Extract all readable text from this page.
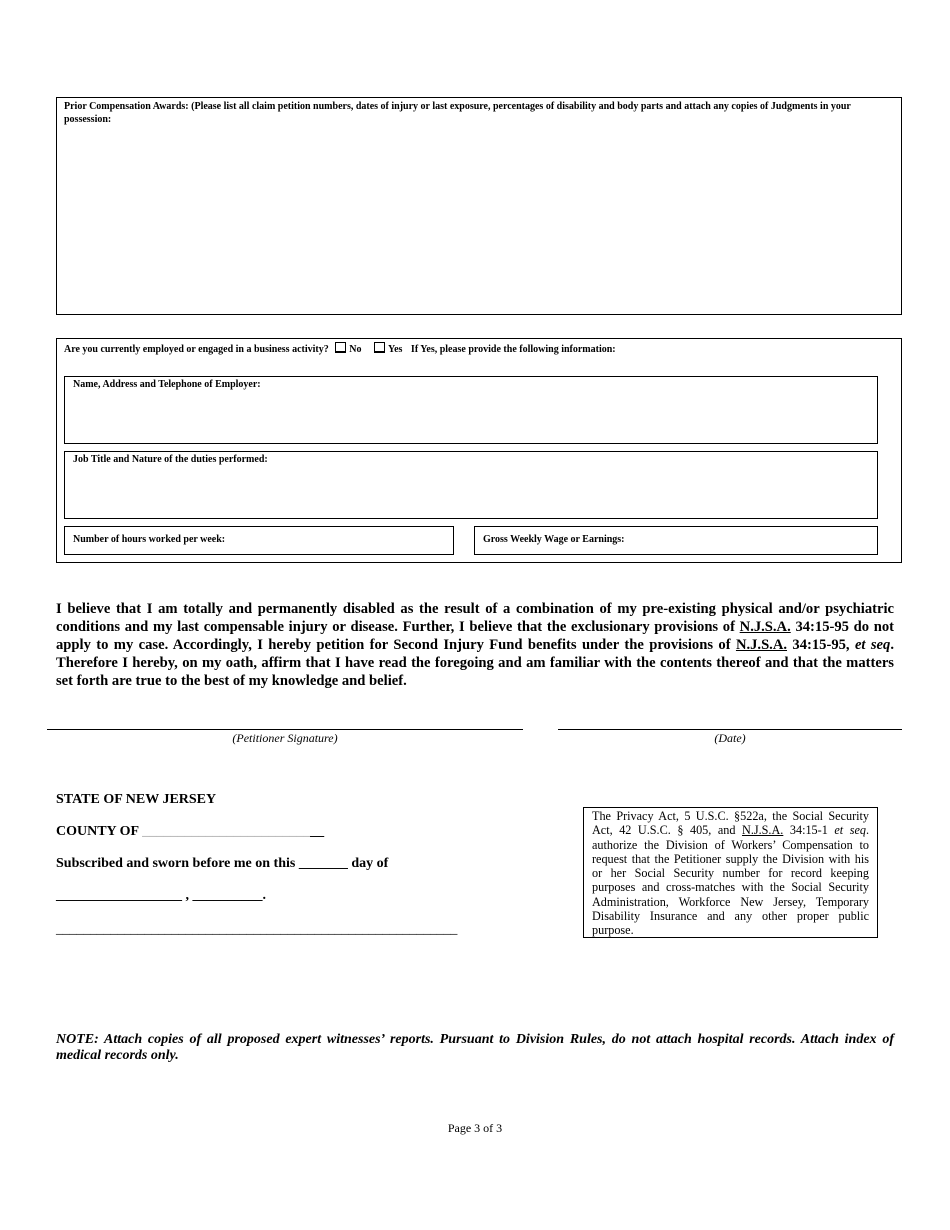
Prior Compensation Awards: (Please list all claim petition numbers, dates of injury or last exposure, percentages of disability and body parts and attach any copies of Judgments in your possession:
Are you currently employed or engaged in a business activity? No	Yes If Yes, please provide the following information:
Name, Address and Telephone of Employer:
Job Title and Nature of the duties performed:
Number of hours worked per week:	Gross Weekly Wage or Earnings:
I believe that I am totally and permanently disabled as the result of a combination of my pre-existing physical and/or psychiatric conditions and my last compensable injury or disease. Further, I believe that the exclusionary provisions of N.J.S.A. 34:15-95 do not apply to my case. Accordingly, I hereby petition for Second Injury Fund benefits under the provisions of N.J.S.A. 34:15-95, et seq. Therefore I hereby, on my oath, affirm that I have read the foregoing and am familiar with the contents thereof and that the matters set forth are true to the best of my knowledge and belief.
(Petitioner Signature)	(Date)
STATE OF NEW JERSEY
COUNTY OF __________________________
Subscribed and sworn before me on this _______ day of
__________________ , __________.
___________________________________________________________
The Privacy Act, 5 U.S.C. §522a, the Social Security Act, 42 U.S.C. § 405, and N.J.S.A. 34:15-1 et seq. authorize the Division of Workers’ Compensation to request that the Petitioner supply the Division with his or her Social Security number for record keeping purposes and cross-matches with the Social Security Administration, Workforce New Jersey, Temporary Disability Insurance and any other proper public purpose.
NOTE: Attach copies of all proposed expert witnesses’ reports. Pursuant to Division Rules, do not attach hospital records. Attach index of medical records only.
Page 3 of 3
